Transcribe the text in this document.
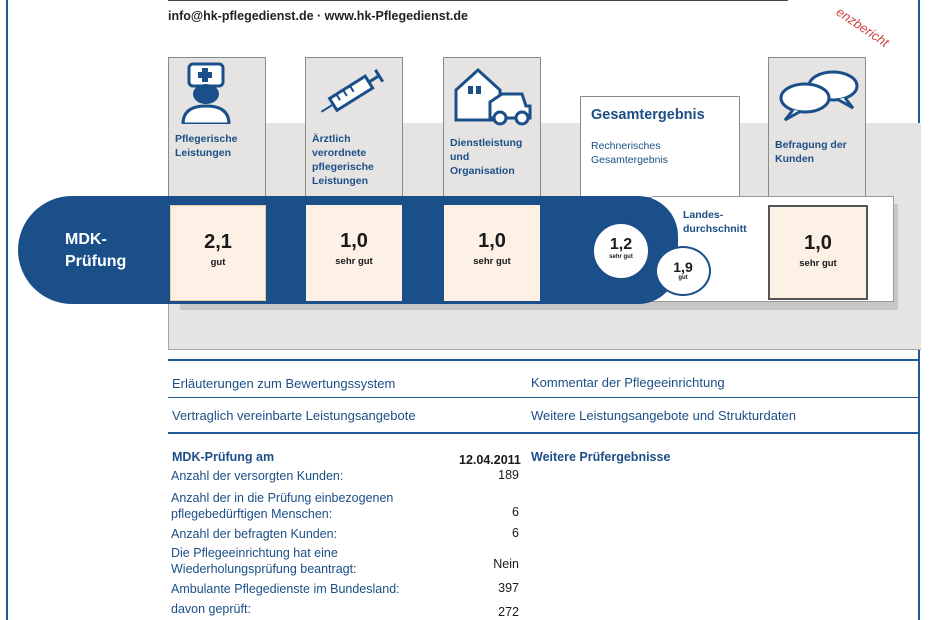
info@hk-pflegedienst.de · www.hk-Pflegedienst.de	enzbericht
Pflegerische Leistungen
Ärztlich verordnete pflegerische Leistungen
Dienstleistung und Organisation
Gesamtergebnis
Rechnerisches Gesamtergebnis
Befragung der Kunden
MDK-Prüfung
2,1
gut
1,0
sehr gut
1,0
sehr gut
1,2
sehr gut
Landes- durchschnitt
1,9
gut
1,0
sehr gut
Erläuterungen zum Bewertungssystem	Kommentar der Pflegeeinrichtung
Vertraglich vereinbarte Leistungsangebote	Weitere Leistungsangebote und Strukturdaten
MDK-Prüfung am	12.04.2011 Weitere Prüfergebnisse
Anzahl der versorgten Kunden:	189
Anzahl der in die Prüfung einbezogenen pflegebedürftigen Menschen:	6
Anzahl der befragten Kunden:	6
Die Pflegeeinrichtung hat eine Wiederholungsprüfung beantragt:	Nein
Ambulante Pflegedienste im Bundesland:	397
davon geprüft:	272
